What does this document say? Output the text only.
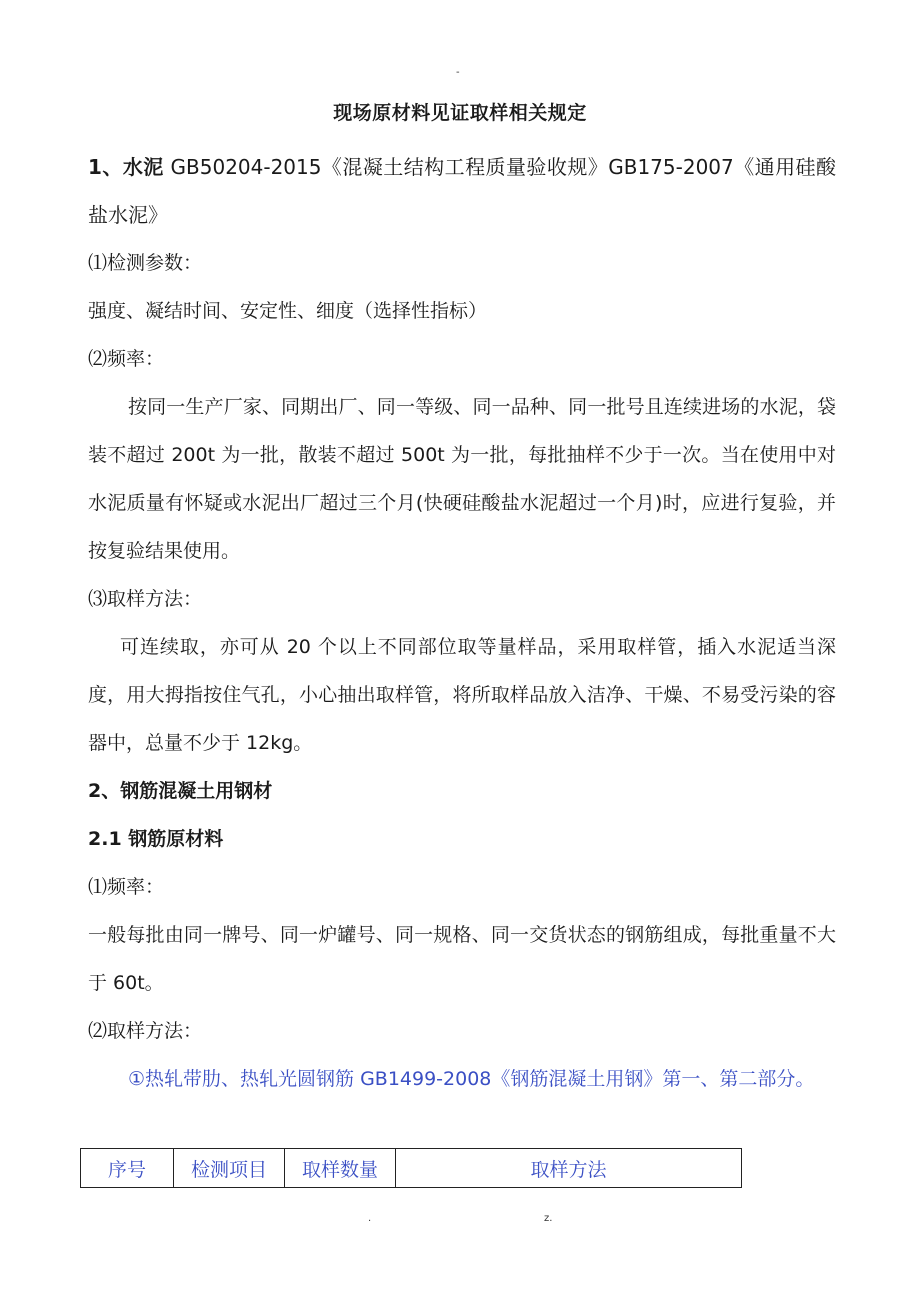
-
现场原材料见证取样相关规定

1、水泥 GB50204-2015《混凝土结构工程质量验收规》GB175-2007《通用硅酸盐水泥》

⑴检测参数：

强度、凝结时间、安定性、细度（选择性指标）

⑵频率：

按同一生产厂家、同期出厂、同一等级、同一品种、同一批号且连续进场的水泥，袋装不超过 200t 为一批，散装不超过 500t 为一批，每批抽样不少于一次。当在使用中对水泥质量有怀疑或水泥出厂超过三个月(快硬硅酸盐水泥超过一个月)时，应进行复验，并按复验结果使用。

⑶取样方法：

可连续取，亦可从 20 个以上不同部位取等量样品，采用取样管，插入水泥适当深度，用大拇指按住气孔，小心抽出取样管，将所取样品放入洁净、干燥、不易受污染的容器中，总量不少于 12kg。

2、钢筋混凝土用钢材

2.1 钢筋原材料

⑴频率：

一般每批由同一牌号、同一炉罐号、同一规格、同一交货状态的钢筋组成，每批重量不大于 60t。

⑵取样方法：

①热轧带肋、热轧光圆钢筋 GB1499-2008《钢筋混凝土用钢》第一、第二部分。

序号	检测项目	取样数量	取样方法
.	z.
